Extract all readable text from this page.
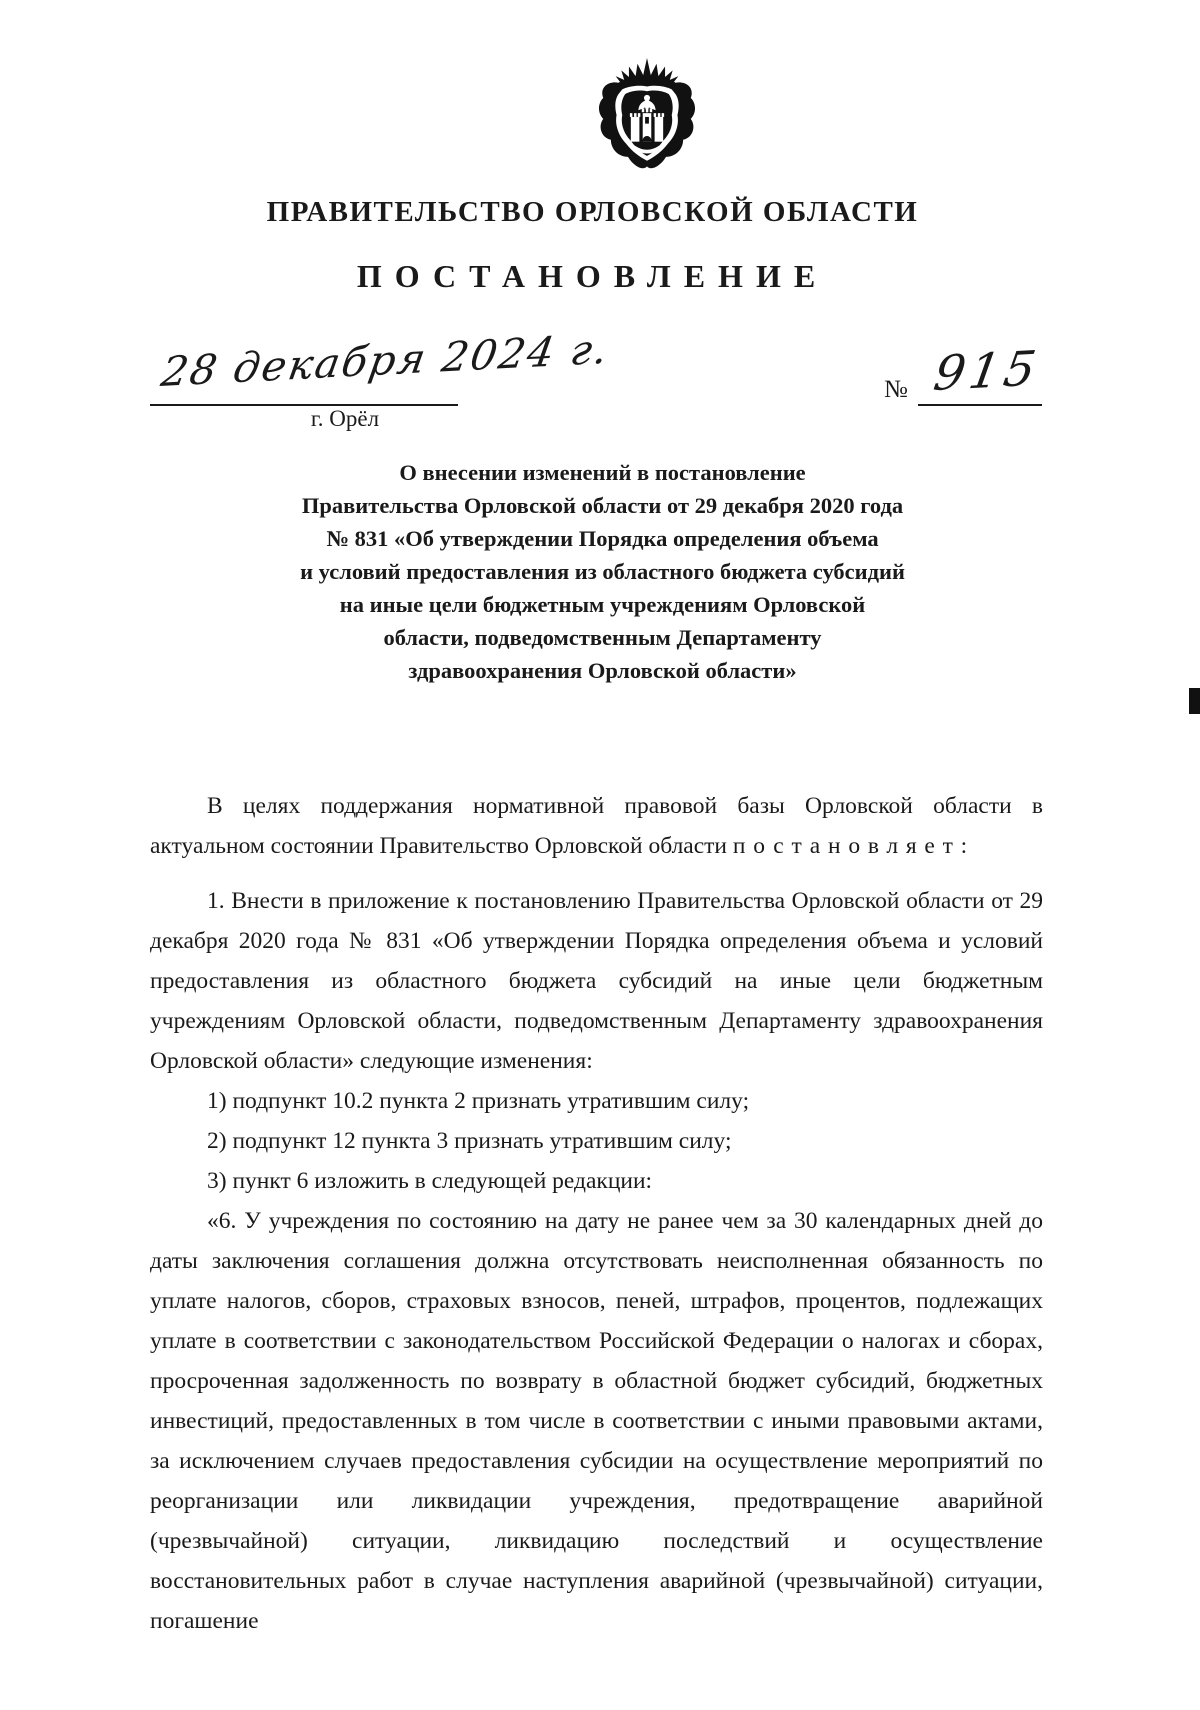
ПРАВИТЕЛЬСТВО ОРЛОВСКОЙ ОБЛАСТИ
ПОСТАНОВЛЕНИЕ
28 декабря 2024 г.
г. Орёл
№ 915
О внесении изменений в постановление
Правительства Орловской области от 29 декабря 2020 года
№ 831 «Об утверждении Порядка определения объема
и условий предоставления из областного бюджета субсидий
на иные цели бюджетным учреждениям Орловской
области, подведомственным Департаменту
здравоохранения Орловской области»

В целях поддержания нормативной правовой базы Орловской области в актуальном состоянии Правительство Орловской области постановляет:

1. Внести в приложение к постановлению Правительства Орловской области от 29 декабря 2020 года № 831 «Об утверждении Порядка определения объема и условий предоставления из областного бюджета субсидий на иные цели бюджетным учреждениям Орловской области, подведомственным Департаменту здравоохранения Орловской области» следующие изменения:

1) подпункт 10.2 пункта 2 признать утратившим силу;
2) подпункт 12 пункта 3 признать утратившим силу;
3) пункт 6 изложить в следующей редакции:

«6. У учреждения по состоянию на дату не ранее чем за 30 календарных дней до даты заключения соглашения должна отсутствовать неисполненная обязанность по уплате налогов, сборов, страховых взносов, пеней, штрафов, процентов, подлежащих уплате в соответствии с законодательством Российской Федерации о налогах и сборах, просроченная задолженность по возврату в областной бюджет субсидий, бюджетных инвестиций, предоставленных в том числе в соответствии с иными правовыми актами, за исключением случаев предоставления субсидии на осуществление мероприятий по реорганизации или ликвидации учреждения, предотвращение аварийной (чрезвычайной) ситуации, ликвидацию последствий и осуществление восстановительных работ в случае наступления аварийной (чрезвычайной) ситуации, погашение
